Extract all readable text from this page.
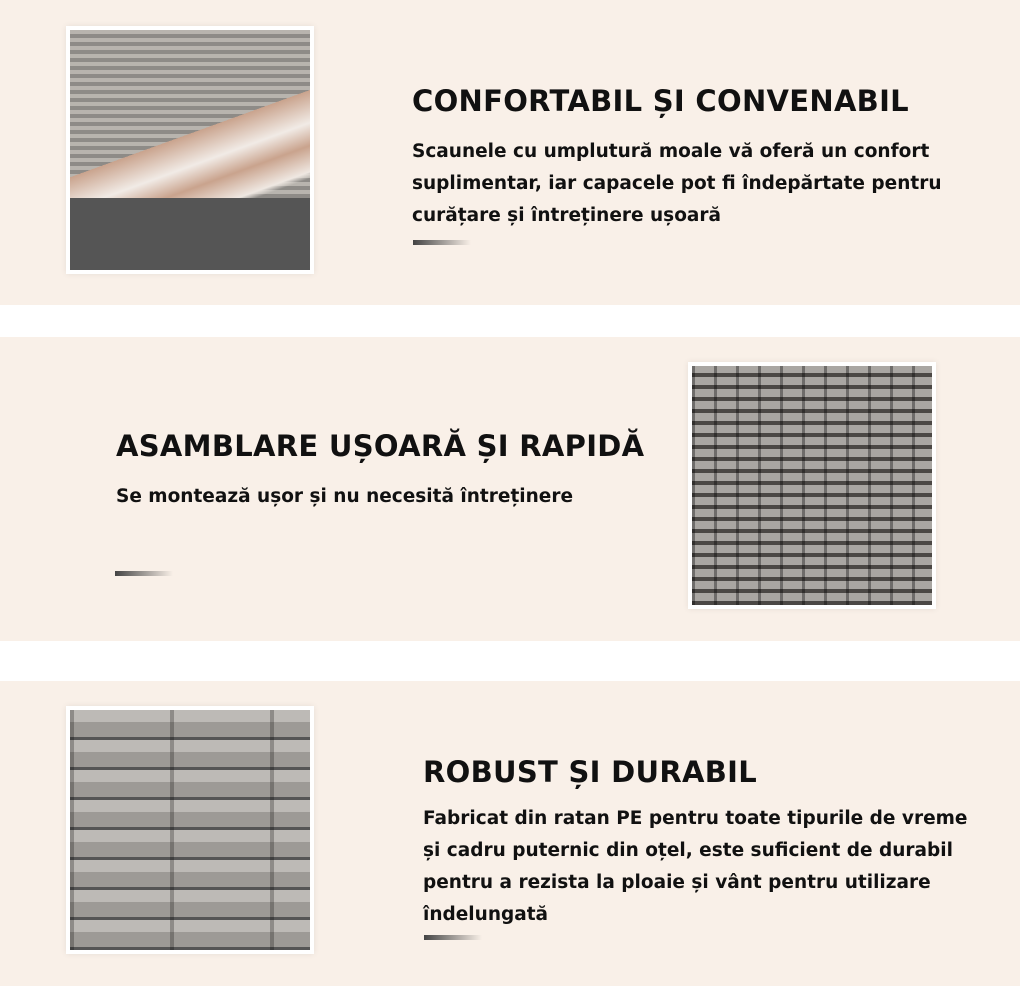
CONFORTABIL ȘI CONVENABIL
Scaunele cu umplutură moale vă oferă un confort
suplimentar, iar capacele pot fi îndepărtate pentru
curățare și întreținere ușoară
ASAMBLARE UȘOARĂ ȘI RAPIDĂ
Se montează ușor și nu necesită întreținere
ROBUST ȘI DURABIL
Fabricat din ratan PE pentru toate tipurile de vreme
și cadru puternic din oțel, este suficient de durabil
pentru a rezista la ploaie și vânt pentru utilizare
îndelungată
